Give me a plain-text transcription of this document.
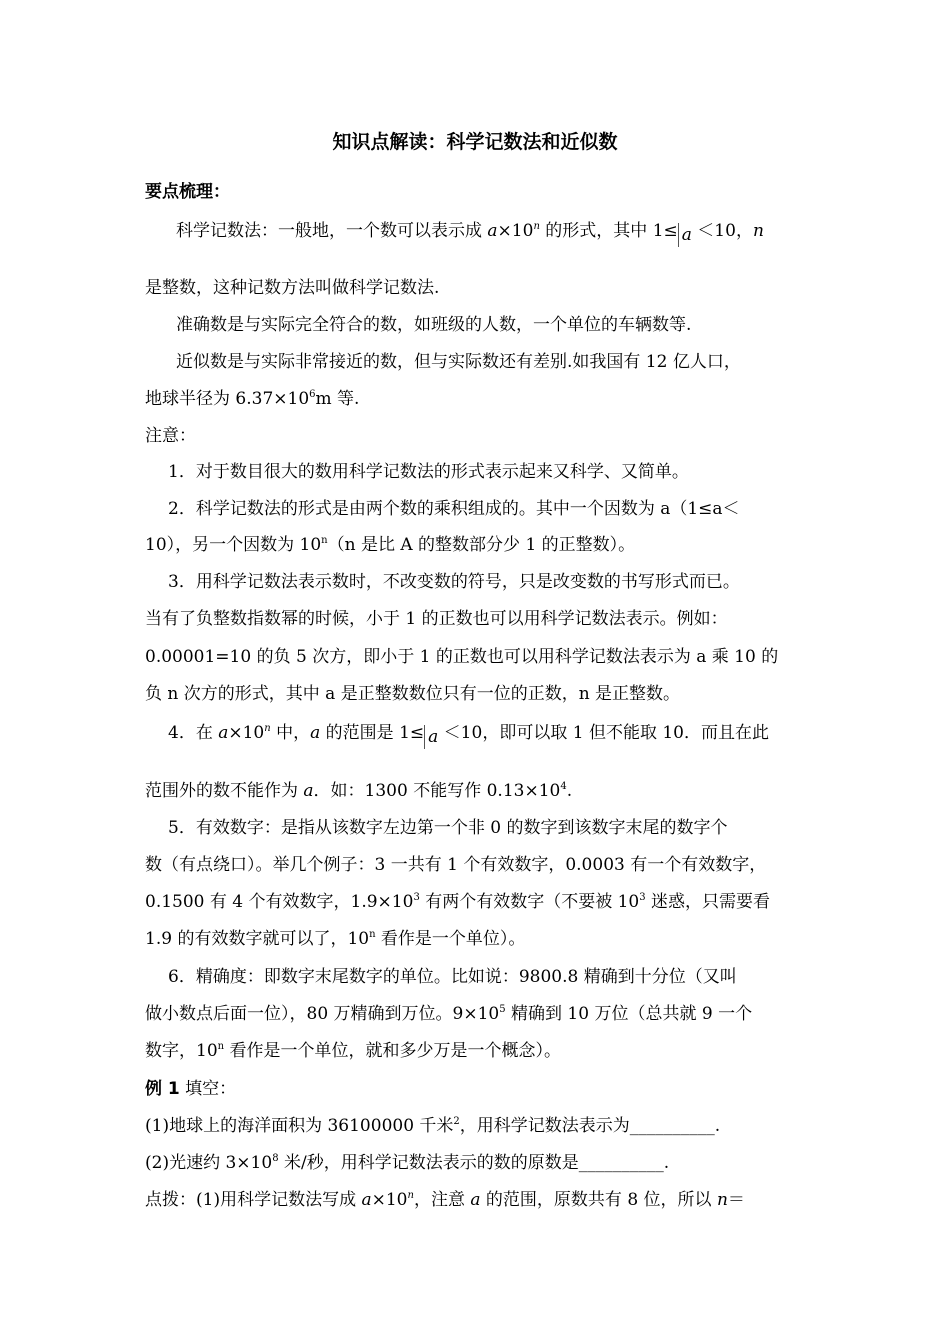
知识点解读：科学记数法和近似数
要点梳理：
科学记数法：一般地，一个数可以表示成 $a\times 10^n$ 的形式，其中 1≤ a ＜10，n
是整数，这种记数方法叫做科学记数法.
准确数是与实际完全符合的数，如班级的人数，一个单位的车辆数等.
近似数是与实际非常接近的数，但与实际数还有差别.如我国有 12 亿人口，
地球半径为 $6.37\times 10^6m$ 等.
注意：
1．对于数目很大的数用科学记数法的形式表示起来又科学、又简单。
2．科学记数法的形式是由两个数的乘积组成的。其中一个因数为 a（1≤a＜
10），另一个因数为 10$^n$（n 是比 A 的整数部分少 1 的正整数）。
3．用科学记数法表示数时，不改变数的符号，只是改变数的书写形式而已。
当有了负整数指数幂的时候，小于 1 的正数也可以用科学记数法表示。例如：
0.00001=10 的负 5 次方，即小于 1 的正数也可以用科学记数法表示为 a 乘 10 的
负 n 次方的形式，其中 a 是正整数数位只有一位的正数，n 是正整数。
4．在 $a\times 10^n$ 中，a 的范围是 1≤ a ＜10，即可以取 1 但不能取 10．而且在此
范围外的数不能作为 a．如：1300 不能写作 $0.13\times 10^4$.
5．有效数字：是指从该数字左边第一个非 0 的数字到该数字末尾的数字个
数（有点绕口）。举几个例子：3 一共有 1 个有效数字，0.0003 有一个有效数字，
0.1500 有 4 个有效数字，$1.9\times 10^3$ 有两个有效数字（不要被 $10^3$ 迷惑，只需要看
1.9 的有效数字就可以了，10$^n$ 看作是一个单位）。
6．精确度：即数字末尾数字的单位。比如说：9800.8 精确到十分位（又叫
做小数点后面一位），80 万精确到万位。$9\times 10^5$ 精确到 10 万位（总共就 9 一个
数字，10$^n$ 看作是一个单位，就和多少万是一个概念）。
例 1 填空：
(1)地球上的海洋面积为 36100000 千米$^2$，用科学记数法表示为__________.
(2)光速约 $3\times 10^8$ 米/秒，用科学记数法表示的数的原数是__________.
点拨：(1)用科学记数法写成 $a\times 10^n$，注意 a 的范围，原数共有 8 位，所以 n＝
